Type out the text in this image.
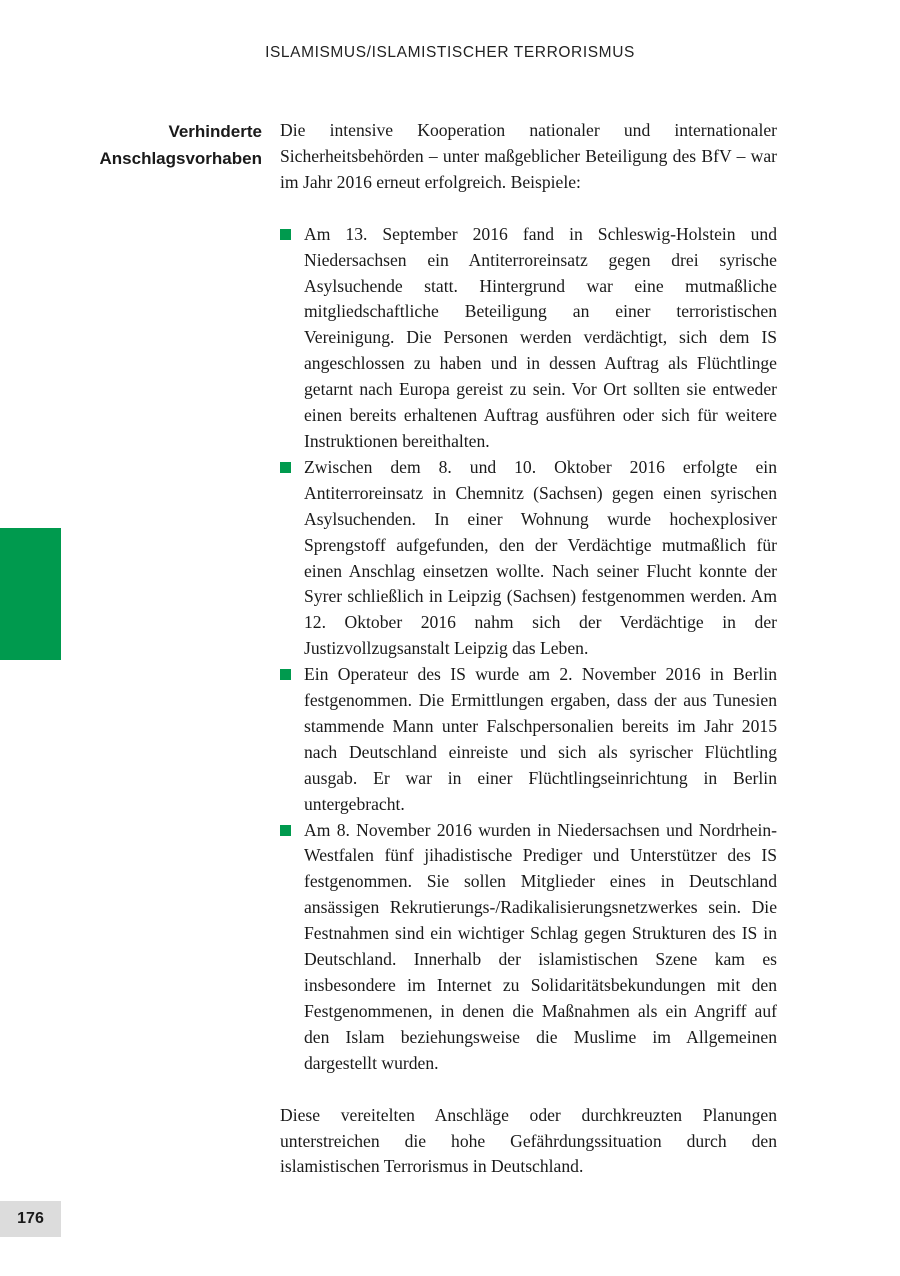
ISLAMISMUS/ISLAMISTISCHER TERRORISMUS
Verhinderte
Anschlagsvorhaben

Die intensive Kooperation nationaler und internationaler Sicherheitsbehörden – unter maßgeblicher Beteiligung des BfV – war im Jahr 2016 erneut erfolgreich. Beispiele:

Am 13. September 2016 fand in Schleswig-Holstein und Niedersachsen ein Antiterroreinsatz gegen drei syrische Asylsuchende statt. Hintergrund war eine mutmaßliche mitgliedschaftliche Beteiligung an einer terroristischen Vereinigung. Die Personen werden verdächtigt, sich dem IS angeschlossen zu haben und in dessen Auftrag als Flüchtlinge getarnt nach Europa gereist zu sein. Vor Ort sollten sie entweder einen bereits erhaltenen Auftrag ausführen oder sich für weitere Instruktionen bereithalten.
Zwischen dem 8. und 10. Oktober 2016 erfolgte ein Antiterroreinsatz in Chemnitz (Sachsen) gegen einen syrischen Asylsuchenden. In einer Wohnung wurde hochexplosiver Sprengstoff aufgefunden, den der Verdächtige mutmaßlich für einen Anschlag einsetzen wollte. Nach seiner Flucht konnte der Syrer schließlich in Leipzig (Sachsen) festgenommen werden. Am 12. Oktober 2016 nahm sich der Verdächtige in der Justizvollzugsanstalt Leipzig das Leben.
Ein Operateur des IS wurde am 2. November 2016 in Berlin festgenommen. Die Ermittlungen ergaben, dass der aus Tunesien stammende Mann unter Falschpersonalien bereits im Jahr 2015 nach Deutschland einreiste und sich als syrischer Flüchtling ausgab. Er war in einer Flüchtlingseinrichtung in Berlin untergebracht.
Am 8. November 2016 wurden in Niedersachsen und Nordrhein-Westfalen fünf jihadistische Prediger und Unterstützer des IS festgenommen. Sie sollen Mitglieder eines in Deutschland ansässigen Rekrutierungs-/Radikalisierungsnetzwerkes sein. Die Festnahmen sind ein wichtiger Schlag gegen Strukturen des IS in Deutschland. Innerhalb der islamistischen Szene kam es insbesondere im Internet zu Solidaritätsbekundungen mit den Festgenommenen, in denen die Maßnahmen als ein Angriff auf den Islam beziehungsweise die Muslime im Allgemeinen dargestellt wurden.

Diese vereitelten Anschläge oder durchkreuzten Planungen unterstreichen die hohe Gefährdungssituation durch den islamistischen Terrorismus in Deutschland.

176
